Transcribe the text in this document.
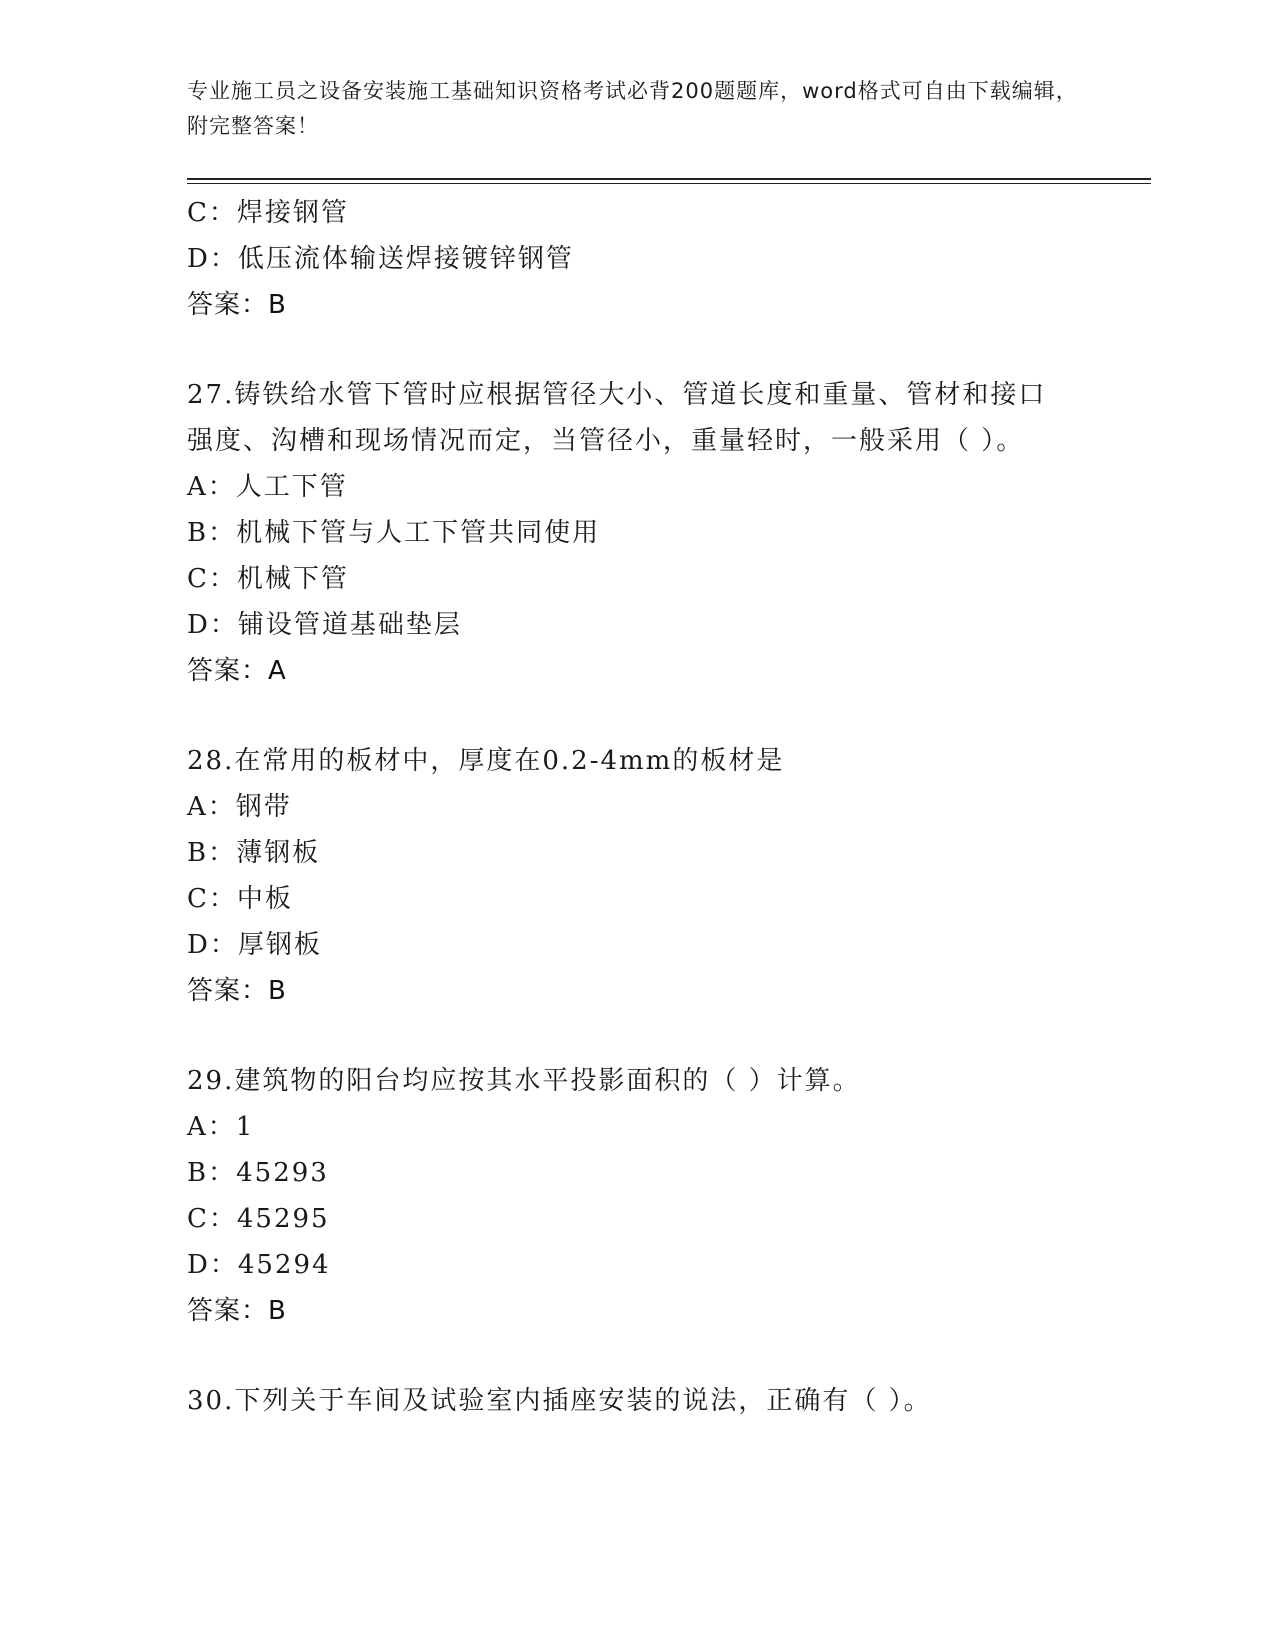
专业施工员之设备安装施工基础知识资格考试必背200题题库，word格式可自由下载编辑，附完整答案！
C：焊接钢管
D：低压流体输送焊接镀锌钢管
答案：B
27.铸铁给水管下管时应根据管径大小、管道长度和重量、管材和接口强度、沟槽和现场情况而定，当管径小，重量轻时，一般采用（ ）。
A：人工下管
B：机械下管与人工下管共同使用
C：机械下管
D：铺设管道基础垫层
答案：A
28.在常用的板材中，厚度在0.2-4mm的板材是
A：钢带
B：薄钢板
C：中板
D：厚钢板
答案：B
29.建筑物的阳台均应按其水平投影面积的（ ）计算。
A：1
B：45293
C：45295
D：45294
答案：B
30.下列关于车间及试验室内插座安装的说法，正确有（ ）。
